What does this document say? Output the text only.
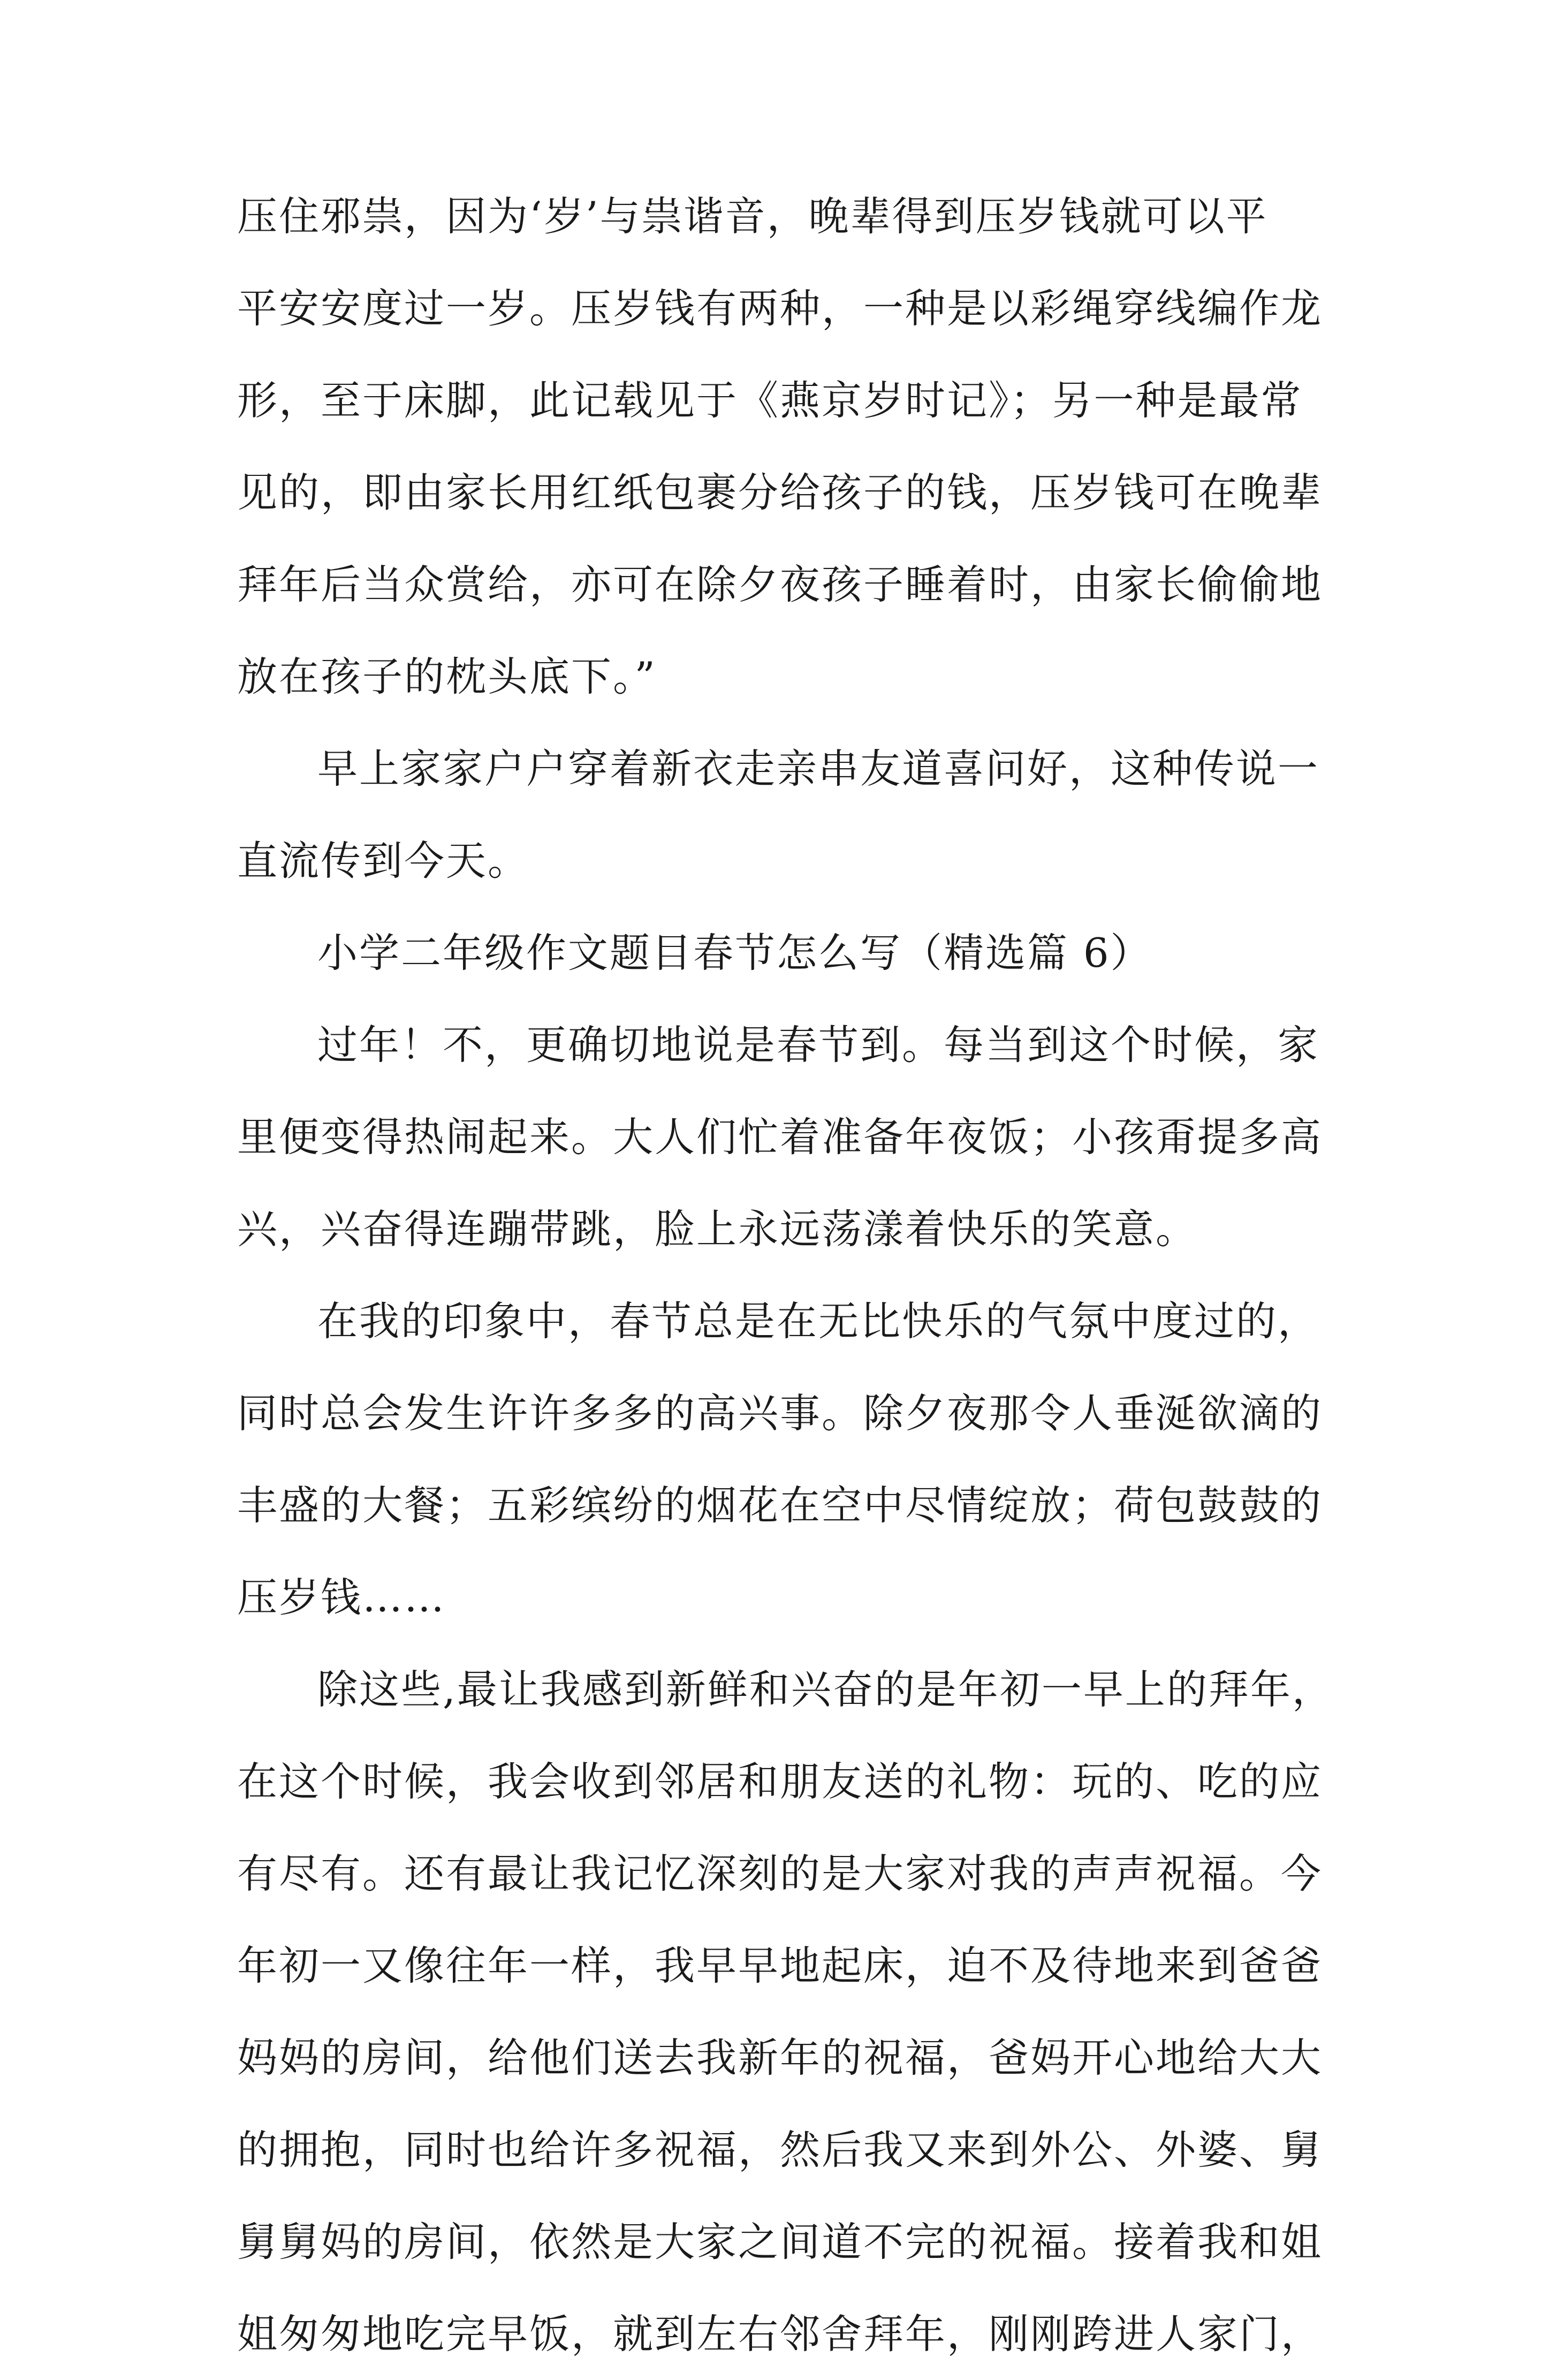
压住邪祟，因为‘岁’与祟谐音，晚辈得到压岁钱就可以平
平安安度过一岁。压岁钱有两种，一种是以彩绳穿线编作龙
形，至于床脚，此记载见于《燕京岁时记》；另一种是最常
见的，即由家长用红纸包裹分给孩子的钱，压岁钱可在晚辈
拜年后当众赏给，亦可在除夕夜孩子睡着时，由家长偷偷地
放在孩子的枕头底下。”
早上家家户户穿着新衣走亲串友道喜问好，这种传说一
直流传到今天。
小学二年级作文题目春节怎么写（精选篇 6）
过年！不，更确切地说是春节到。每当到这个时候，家
里便变得热闹起来。大人们忙着准备年夜饭；小孩甭提多高
兴，兴奋得连蹦带跳，脸上永远荡漾着快乐的笑意。
在我的印象中，春节总是在无比快乐的气氛中度过的，
同时总会发生许许多多的高兴事。除夕夜那令人垂涎欲滴的
丰盛的大餐；五彩缤纷的烟花在空中尽情绽放；荷包鼓鼓的
压岁钱……
除这些,最让我感到新鲜和兴奋的是年初一早上的拜年，
在这个时候，我会收到邻居和朋友送的礼物：玩的、吃的应
有尽有。还有最让我记忆深刻的是大家对我的声声祝福。今
年初一又像往年一样，我早早地起床，迫不及待地来到爸爸
妈妈的房间，给他们送去我新年的祝福，爸妈开心地给大大
的拥抱，同时也给许多祝福，然后我又来到外公、外婆、舅
舅舅妈的房间，依然是大家之间道不完的祝福。接着我和姐
姐匆匆地吃完早饭，就到左右邻舍拜年，刚刚跨进人家门，
